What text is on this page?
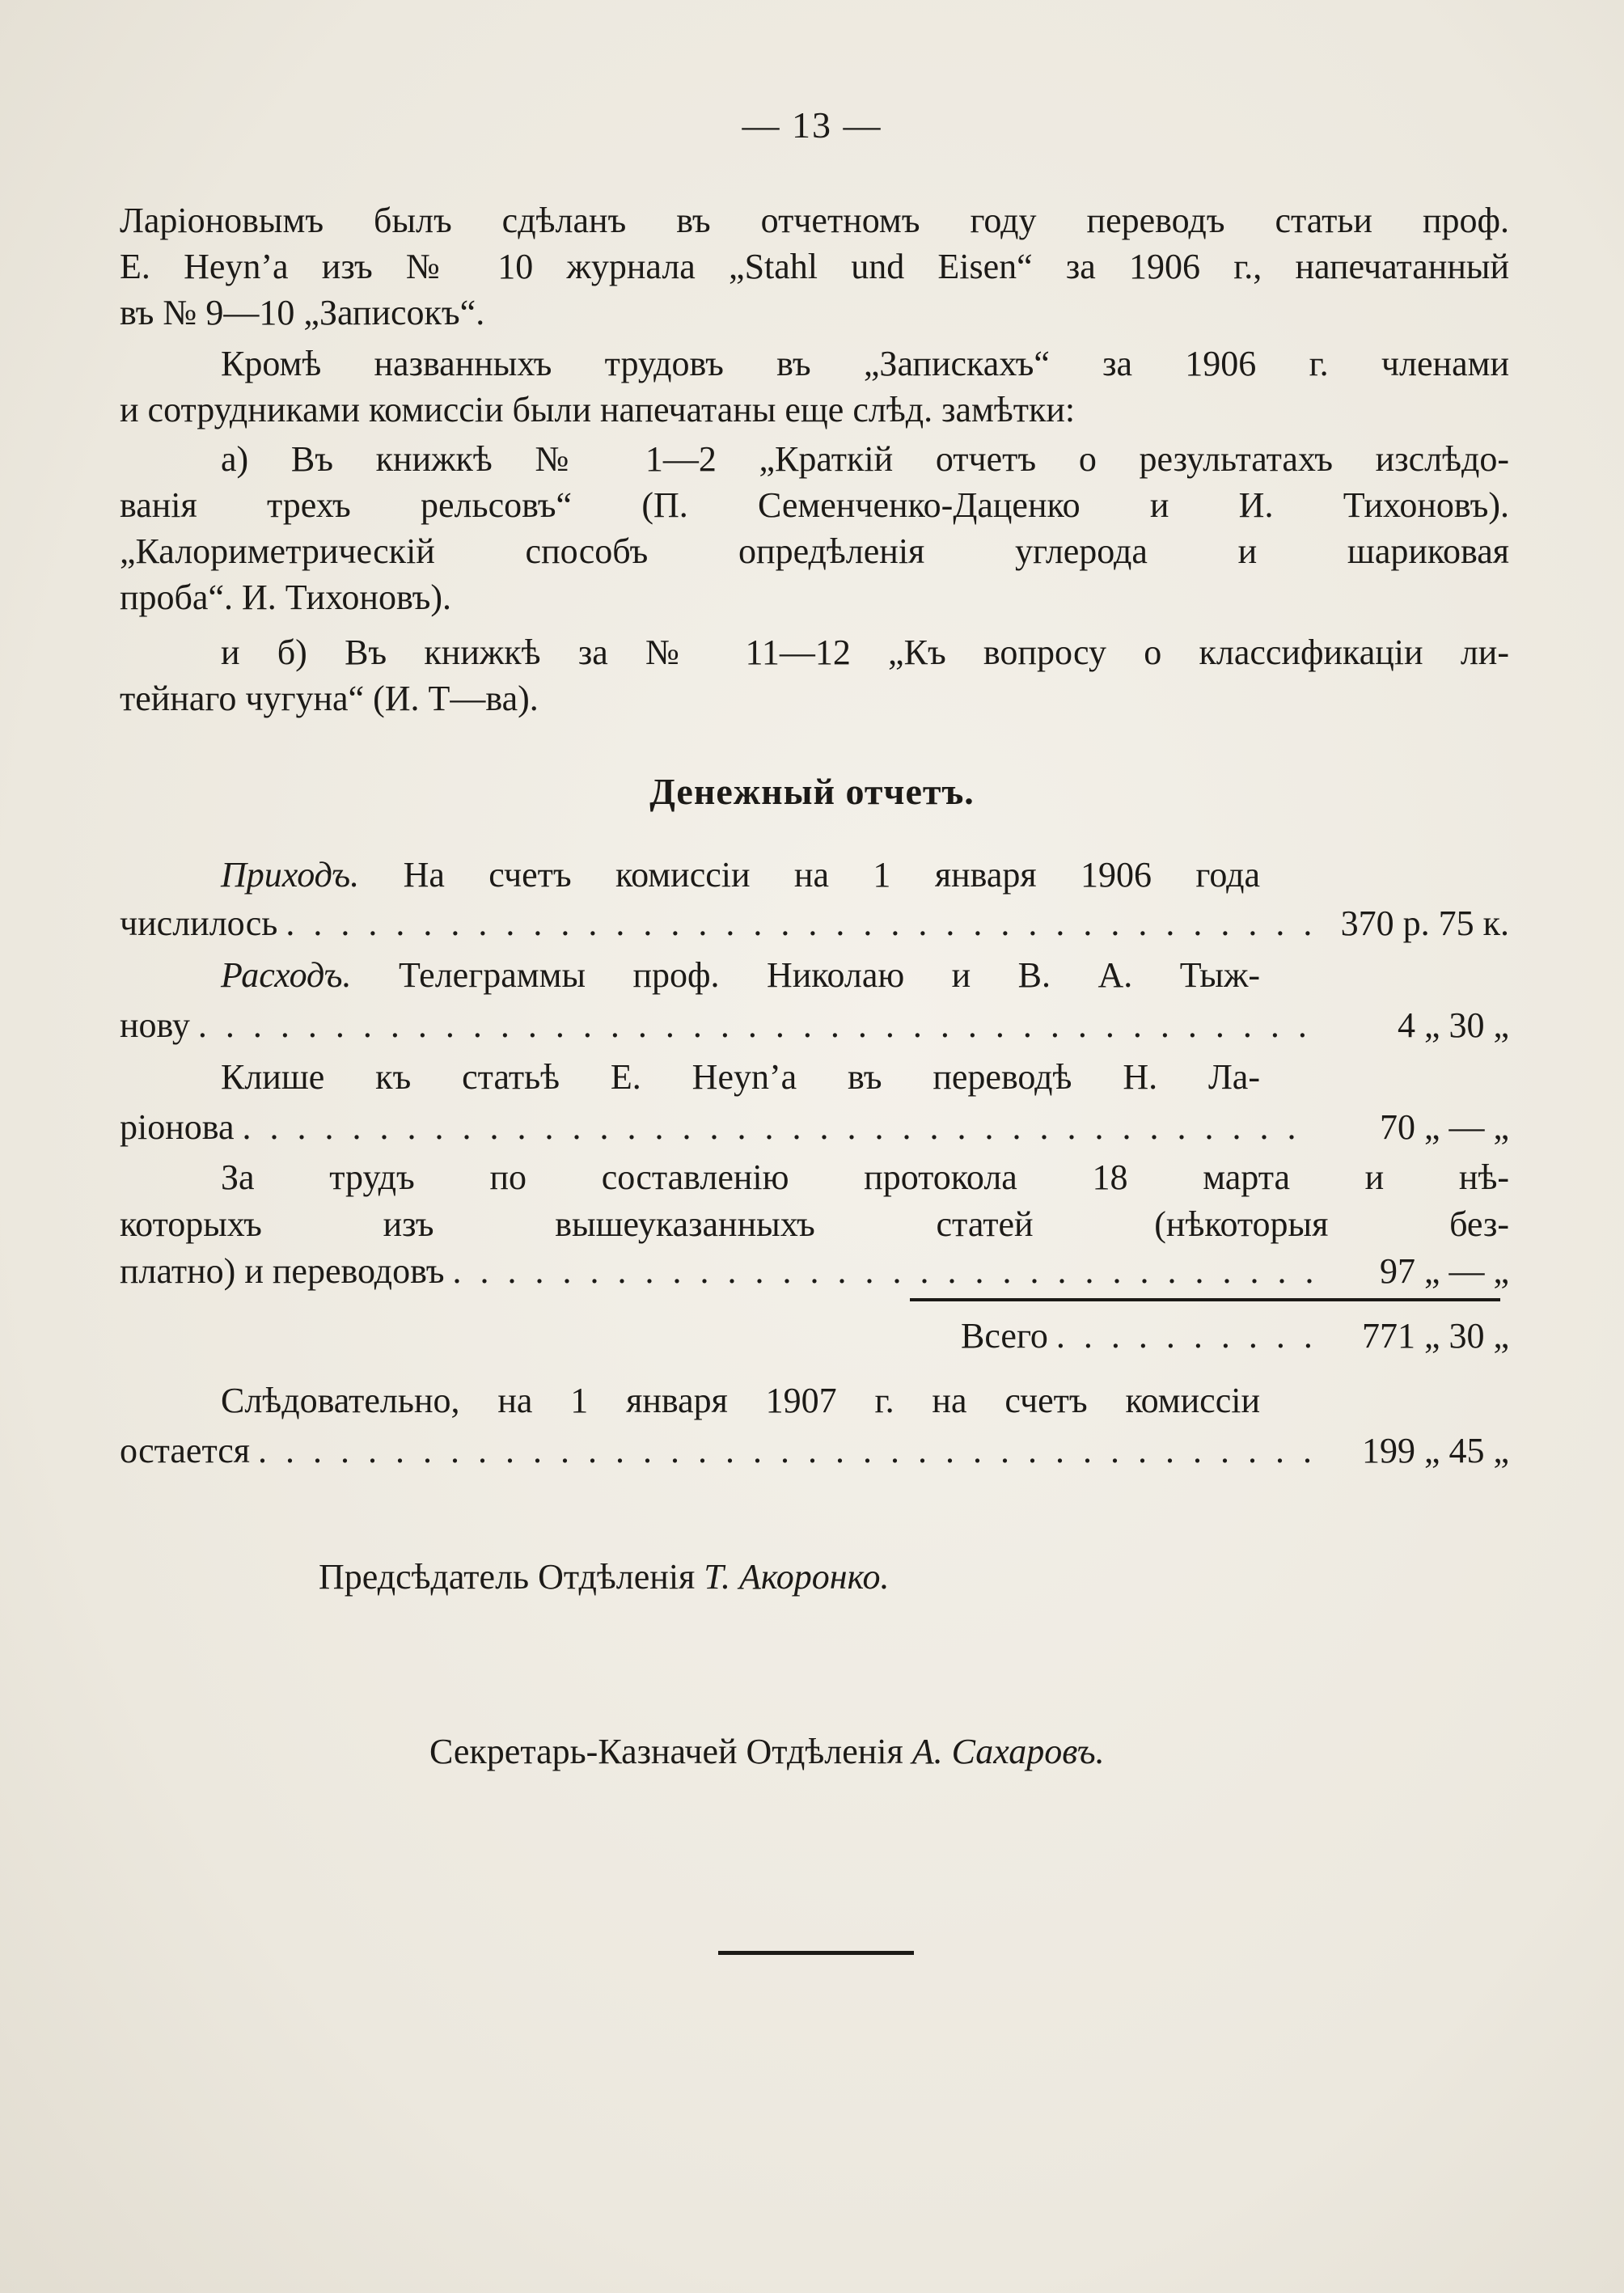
— 13 —
Ларіоновымъ былъ сдѣланъ въ отчетномъ году переводъ статьи проф.
E. Heyn’a изъ № 10 журнала „Stahl und Eisen“ за 1906 г., напечатанный
въ № 9—10 „Записокъ“.
Кромѣ названныхъ трудовъ въ „Запискахъ“ за 1906 г. членами
и сотрудниками комиссіи были напечатаны еще слѣд. замѣтки:
а) Въ книжкѣ № 1—2 „Краткій отчетъ о результатахъ изслѣдо-
ванія трехъ рельсовъ“ (П. Семенченко-Даценко и И. Тихоновъ).
„Калориметрическій способъ опредѣленія углерода и шариковая
проба“. И. Тихоновъ).
и б) Въ книжкѣ за № 11—12 „Къ вопросу о классификаціи ли-
тейнаго чугуна“ (И. Т—ва).
Денежный отчетъ.
Приходъ. На счетъ комиссіи на 1 января 1906 года
числилось . . .	370 р. 75 к.
Расходъ. Телеграммы проф. Николаю и В. А. Тыж-
нову . . .	4 „ 30 „
Клише къ статьѣ E. Heyn’a въ переводѣ Н. Ла-
ріонова . . .	70 „ — „
За трудъ по составленію протокола 18 марта и нѣ-
которыхъ изъ вышеуказанныхъ статей (нѣкоторыя без-
платно) и переводовъ . . .	97 „ — „
Всего . . .	771 „ 30 „
Слѣдовательно, на 1 января 1907 г. на счетъ комиссіи
остается . . .	199 „ 45 „
Предсѣдатель Отдѣленія Т. Акоронко.
Секретарь-Казначей Отдѣленія А. Сахаровъ.
